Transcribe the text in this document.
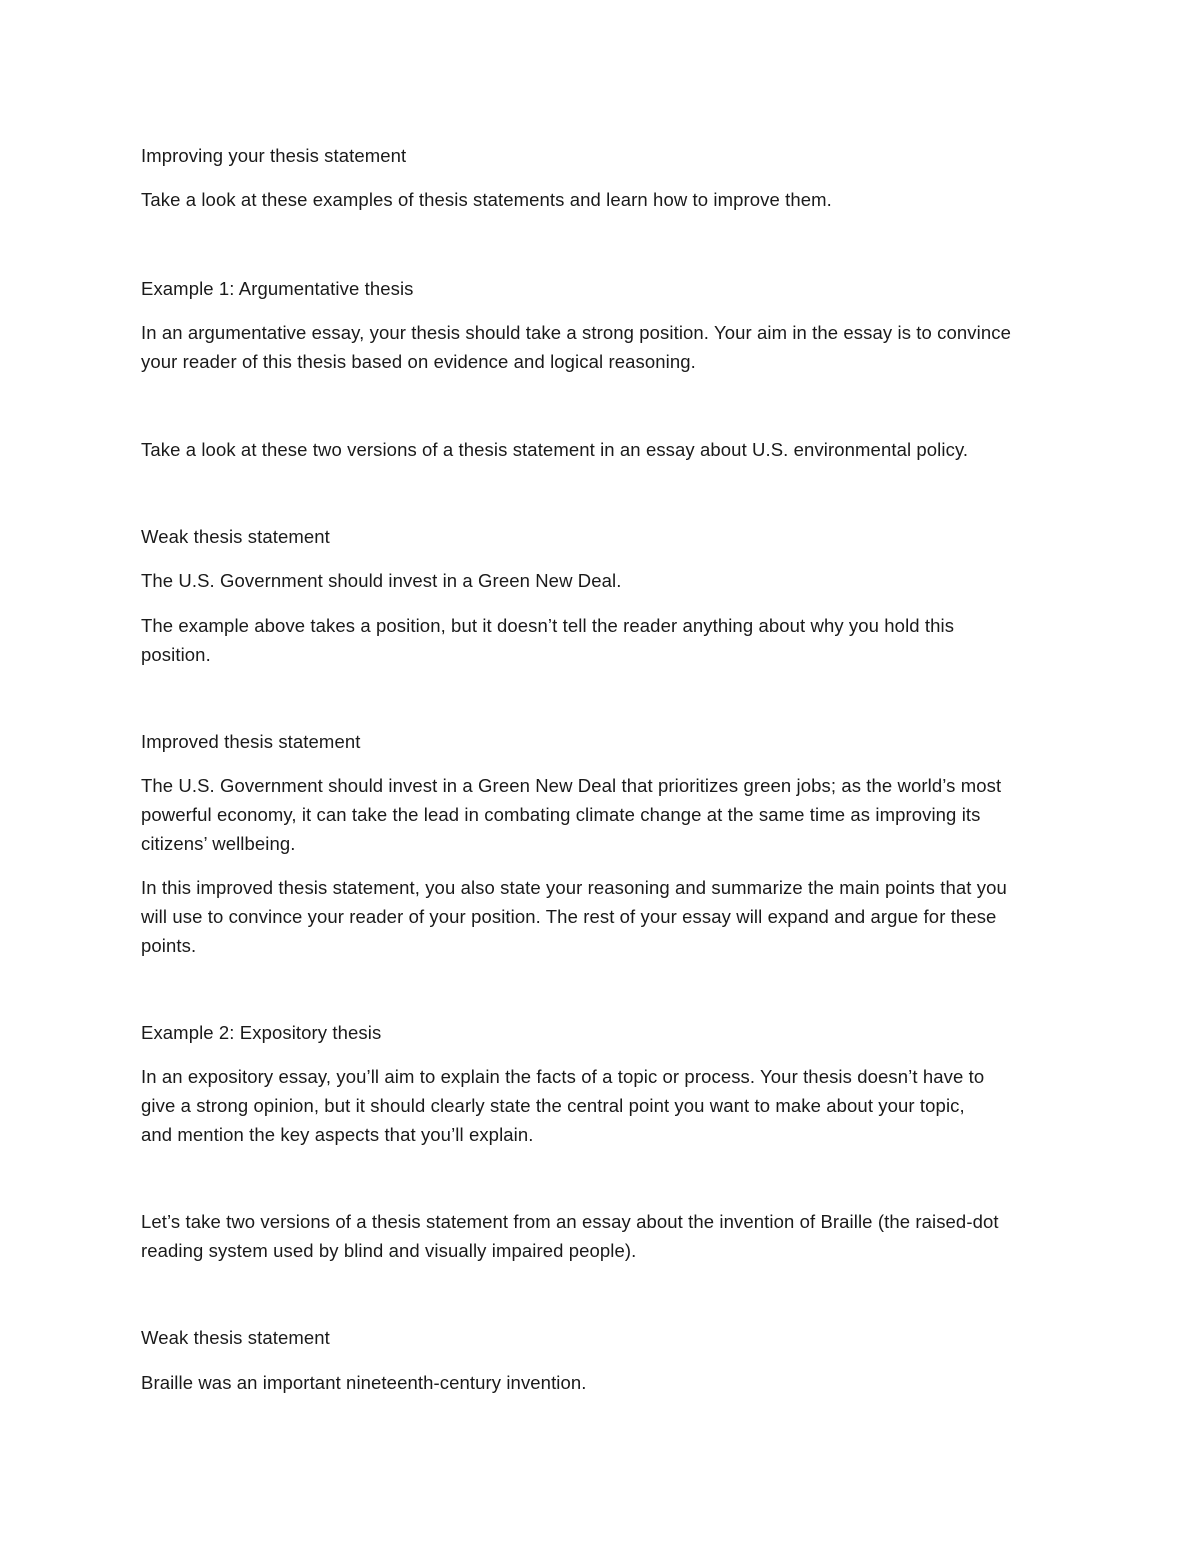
Improving your thesis statement
Take a look at these examples of thesis statements and learn how to improve them.
Example 1: Argumentative thesis
In an argumentative essay, your thesis should take a strong position. Your aim in the essay is to convince
your reader of this thesis based on evidence and logical reasoning.
Take a look at these two versions of a thesis statement in an essay about U.S. environmental policy.
Weak thesis statement
The U.S. Government should invest in a Green New Deal.
The example above takes a position, but it doesn’t tell the reader anything about why you hold this
position.
Improved thesis statement
The U.S. Government should invest in a Green New Deal that prioritizes green jobs; as the world’s most
powerful economy, it can take the lead in combating climate change at the same time as improving its
citizens’ wellbeing.
In this improved thesis statement, you also state your reasoning and summarize the main points that you
will use to convince your reader of your position. The rest of your essay will expand and argue for these
points.
Example 2: Expository thesis
In an expository essay, you’ll aim to explain the facts of a topic or process. Your thesis doesn’t have to
give a strong opinion, but it should clearly state the central point you want to make about your topic,
and mention the key aspects that you’ll explain.
Let’s take two versions of a thesis statement from an essay about the invention of Braille (the raised-dot
reading system used by blind and visually impaired people).
Weak thesis statement
Braille was an important nineteenth-century invention.
